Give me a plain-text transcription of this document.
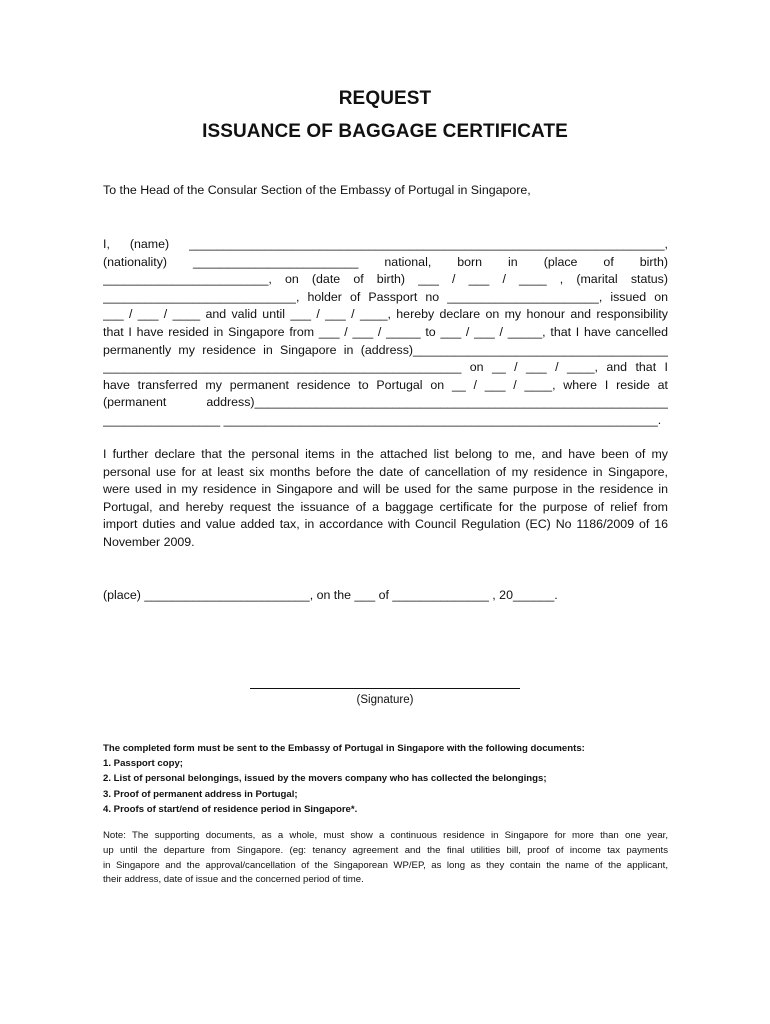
REQUEST
ISSUANCE OF BAGGAGE CERTIFICATE
To the Head of the Consular Section of the Embassy of Portugal in Singapore,
I, (name) _____________________________________________________________________,
(nationality) ________________________ national, born in (place of birth)
________________________, on (date of birth) ___ / ___ / ____ , (marital status)
____________________________, holder of Passport no ______________________, issued on
___ / ___ / ____ and valid until ___ / ___ / ____, hereby declare on my honour and responsibility
that I have resided in Singapore from ___ / ___ / _____ to ___ / ___ / _____, that I have cancelled
permanently my residence in Singapore in (address)_____________________________________
____________________________________________________ on __ / ___ / ____, and that I
have transferred my permanent residence to Portugal on __ / ___ / ____, where I reside at
(permanent address)____________________________________________________________
_________________ _______________________________________________________________.
I further declare that the personal items in the attached list belong to me, and have been of my
personal use for at least six months before the date of cancellation of my residence in Singapore,
were used in my residence in Singapore and will be used for the same purpose in the residence in
Portugal, and hereby request the issuance of a baggage certificate for the purpose of relief from
import duties and value added tax, in accordance with Council Regulation (EC) No 1186/2009 of 16
November 2009.
(place) ________________________, on the ___ of ______________ , 20______.
(Signature)
The completed form must be sent to the Embassy of Portugal in Singapore with the following documents:
1. Passport copy;
2. List of personal belongings, issued by the movers company who has collected the belongings;
3. Proof of permanent address in Portugal;
4. Proofs of start/end of residence period in Singapore*.
Note: The supporting documents, as a whole, must show a continuous residence in Singapore for more than one year,
up until the departure from Singapore. (eg: tenancy agreement and the final utilities bill, proof of income tax payments
in Singapore and the approval/cancellation of the Singaporean WP/EP, as long as they contain the name of the applicant,
their address, date of issue and the concerned period of time.
